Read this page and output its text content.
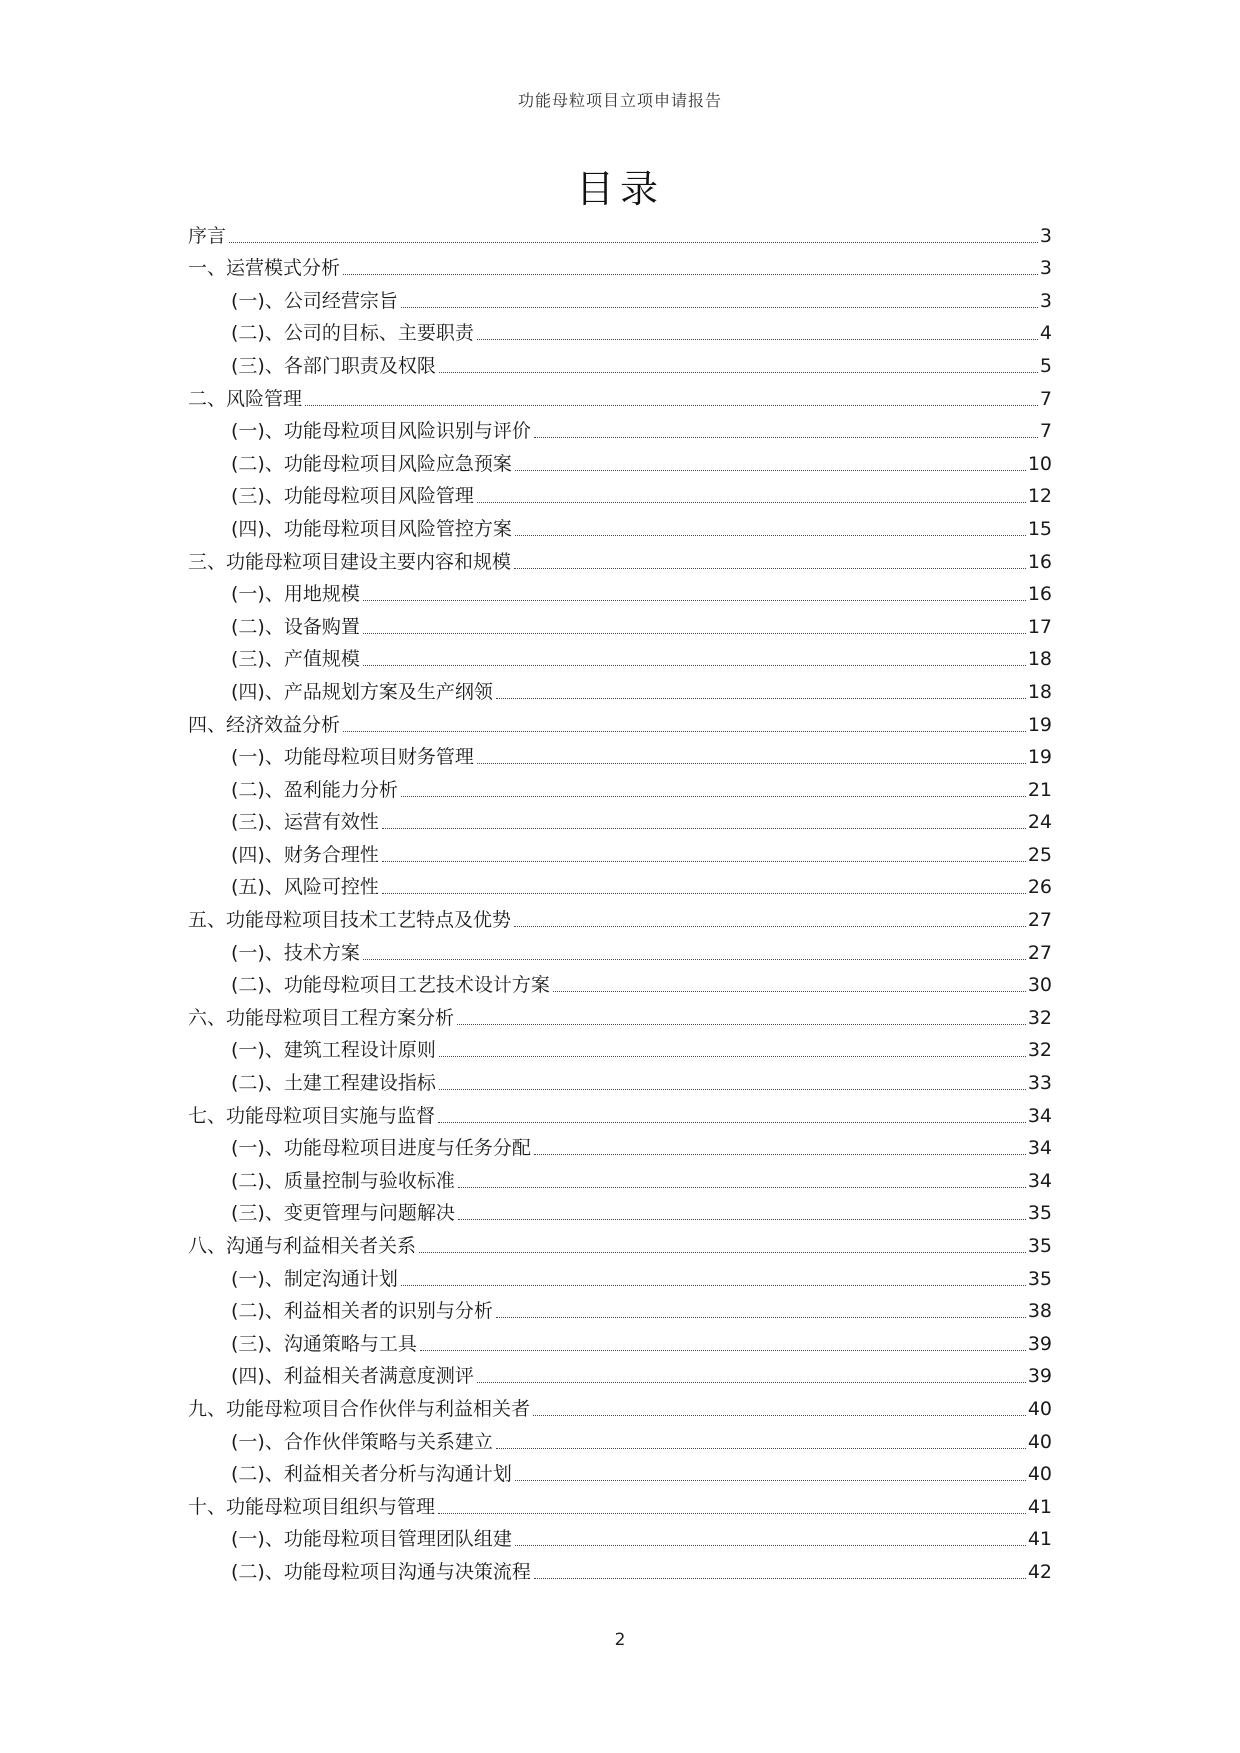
功能母粒项目立项申请报告
目录
序言	3
一、运营模式分析	3
(一)、公司经营宗旨	3
(二)、公司的目标、主要职责	4
(三)、各部门职责及权限	5
二、风险管理	7
(一)、功能母粒项目风险识别与评价	7
(二)、功能母粒项目风险应急预案	10
(三)、功能母粒项目风险管理	12
(四)、功能母粒项目风险管控方案	15
三、功能母粒项目建设主要内容和规模	16
(一)、用地规模	16
(二)、设备购置	17
(三)、产值规模	18
(四)、产品规划方案及生产纲领	18
四、经济效益分析	19
(一)、功能母粒项目财务管理	19
(二)、盈利能力分析	21
(三)、运营有效性	24
(四)、财务合理性	25
(五)、风险可控性	26
五、功能母粒项目技术工艺特点及优势	27
(一)、技术方案	27
(二)、功能母粒项目工艺技术设计方案	30
六、功能母粒项目工程方案分析	32
(一)、建筑工程设计原则	32
(二)、土建工程建设指标	33
七、功能母粒项目实施与监督	34
(一)、功能母粒项目进度与任务分配	34
(二)、质量控制与验收标准	34
(三)、变更管理与问题解决	35
八、沟通与利益相关者关系	35
(一)、制定沟通计划	35
(二)、利益相关者的识别与分析	38
(三)、沟通策略与工具	39
(四)、利益相关者满意度测评	39
九、功能母粒项目合作伙伴与利益相关者	40
(一)、合作伙伴策略与关系建立	40
(二)、利益相关者分析与沟通计划	40
十、功能母粒项目组织与管理	41
(一)、功能母粒项目管理团队组建	41
(二)、功能母粒项目沟通与决策流程	42
2
